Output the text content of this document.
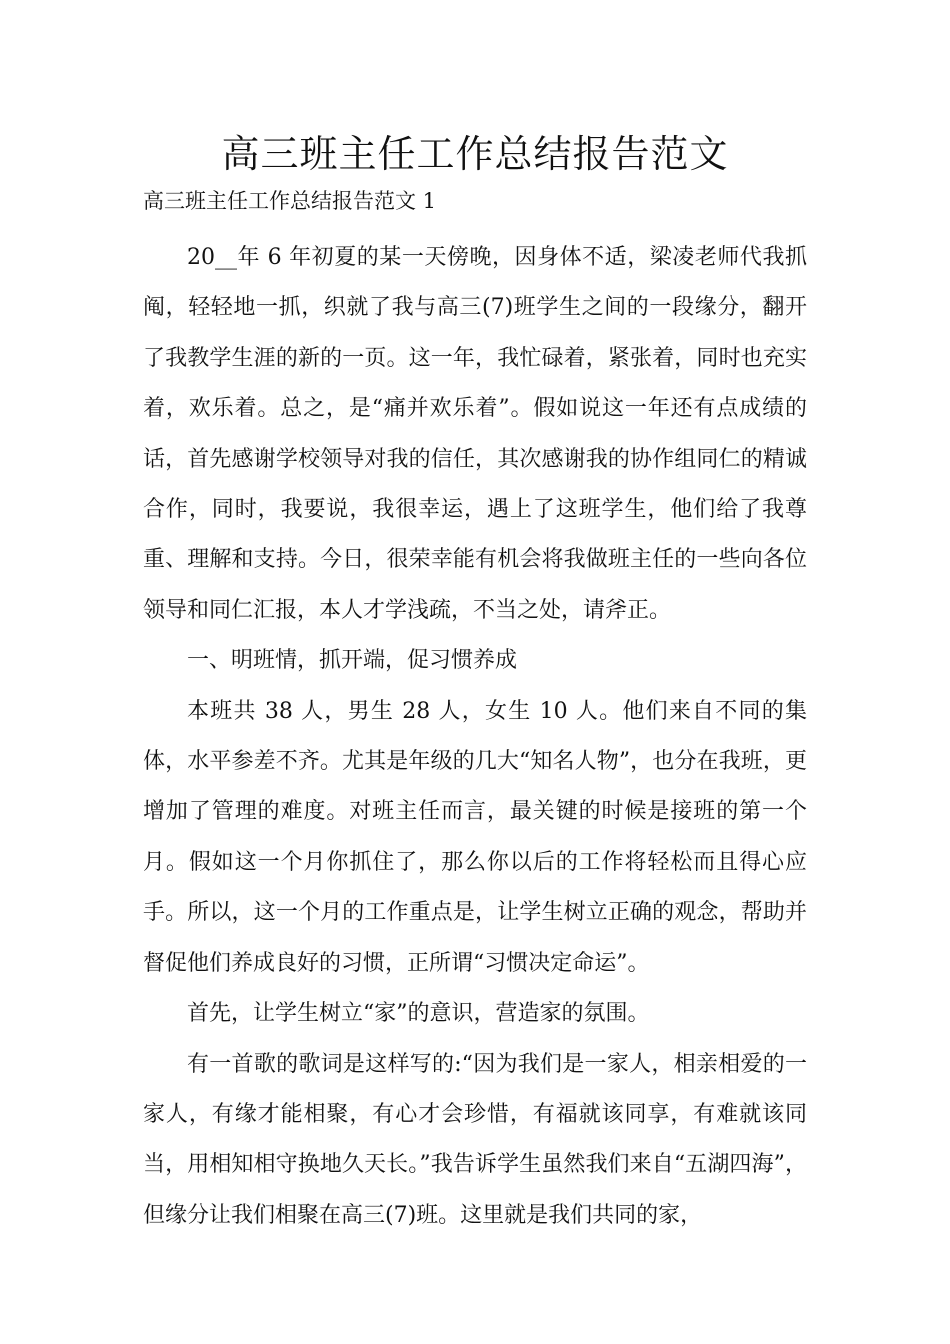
高三班主任工作总结报告范文

高三班主任工作总结报告范文 1

20__年 6 年初夏的某一天傍晚，因身体不适，梁凌老师代我抓阄，轻轻地一抓，织就了我与高三(7)班学生之间的一段缘分，翻开了我教学生涯的新的一页。这一年，我忙碌着，紧张着，同时也充实着，欢乐着。总之，是“痛并欢乐着”。假如说这一年还有点成绩的话，首先感谢学校领导对我的信任，其次感谢我的协作组同仁的精诚合作，同时，我要说，我很幸运，遇上了这班学生，他们给了我尊重、理解和支持。今日，很荣幸能有机会将我做班主任的一些向各位领导和同仁汇报，本人才学浅疏，不当之处，请斧正。

一、明班情，抓开端，促习惯养成

本班共 38 人，男生 28 人，女生 10 人。他们来自不同的集体，水平参差不齐。尤其是年级的几大“知名人物”，也分在我班，更增加了管理的难度。对班主任而言，最关键的时候是接班的第一个月。假如这一个月你抓住了，那么你以后的工作将轻松而且得心应手。所以，这一个月的工作重点是，让学生树立正确的观念，帮助并督促他们养成良好的习惯，正所谓“习惯决定命运”。

首先，让学生树立“家”的意识，营造家的氛围。

有一首歌的歌词是这样写的:“因为我们是一家人，相亲相爱的一家人，有缘才能相聚，有心才会珍惜，有福就该同享，有难就该同当，用相知相守换地久天长。”我告诉学生虽然我们来自“五湖四海”，但缘分让我们相聚在高三(7)班。这里就是我们共同的家，
